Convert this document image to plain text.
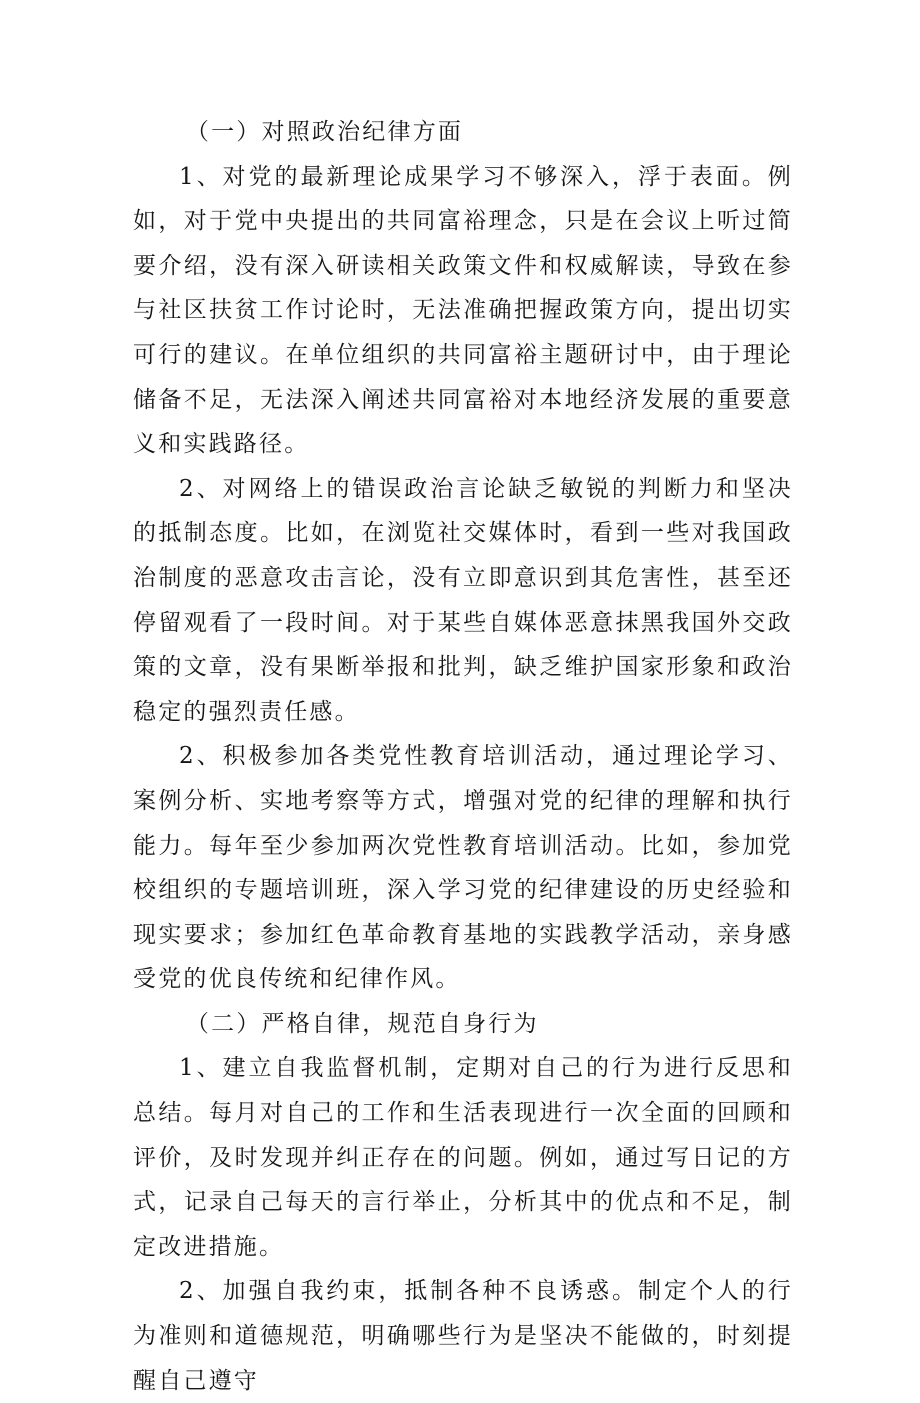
（一）对照政治纪律方面

1、对党的最新理论成果学习不够深入，浮于表面。例如，对于党中央提出的共同富裕理念，只是在会议上听过简要介绍，没有深入研读相关政策文件和权威解读，导致在参与社区扶贫工作讨论时，无法准确把握政策方向，提出切实可行的建议。在单位组织的共同富裕主题研讨中，由于理论储备不足，无法深入阐述共同富裕对本地经济发展的重要意义和实践路径。

2、对网络上的错误政治言论缺乏敏锐的判断力和坚决的抵制态度。比如，在浏览社交媒体时，看到一些对我国政治制度的恶意攻击言论，没有立即意识到其危害性，甚至还停留观看了一段时间。对于某些自媒体恶意抹黑我国外交政策的文章，没有果断举报和批判，缺乏维护国家形象和政治稳定的强烈责任感。

2、积极参加各类党性教育培训活动，通过理论学习、案例分析、实地考察等方式，增强对党的纪律的理解和执行能力。每年至少参加两次党性教育培训活动。比如，参加党校组织的专题培训班，深入学习党的纪律建设的历史经验和现实要求；参加红色革命教育基地的实践教学活动，亲身感受党的优良传统和纪律作风。

（二）严格自律，规范自身行为

1、建立自我监督机制，定期对自己的行为进行反思和总结。每月对自己的工作和生活表现进行一次全面的回顾和评价，及时发现并纠正存在的问题。例如，通过写日记的方式，记录自己每天的言行举止，分析其中的优点和不足，制定改进措施。

2、加强自我约束，抵制各种不良诱惑。制定个人的行为准则和道德规范，明确哪些行为是坚决不能做的，时刻提醒自己遵守
